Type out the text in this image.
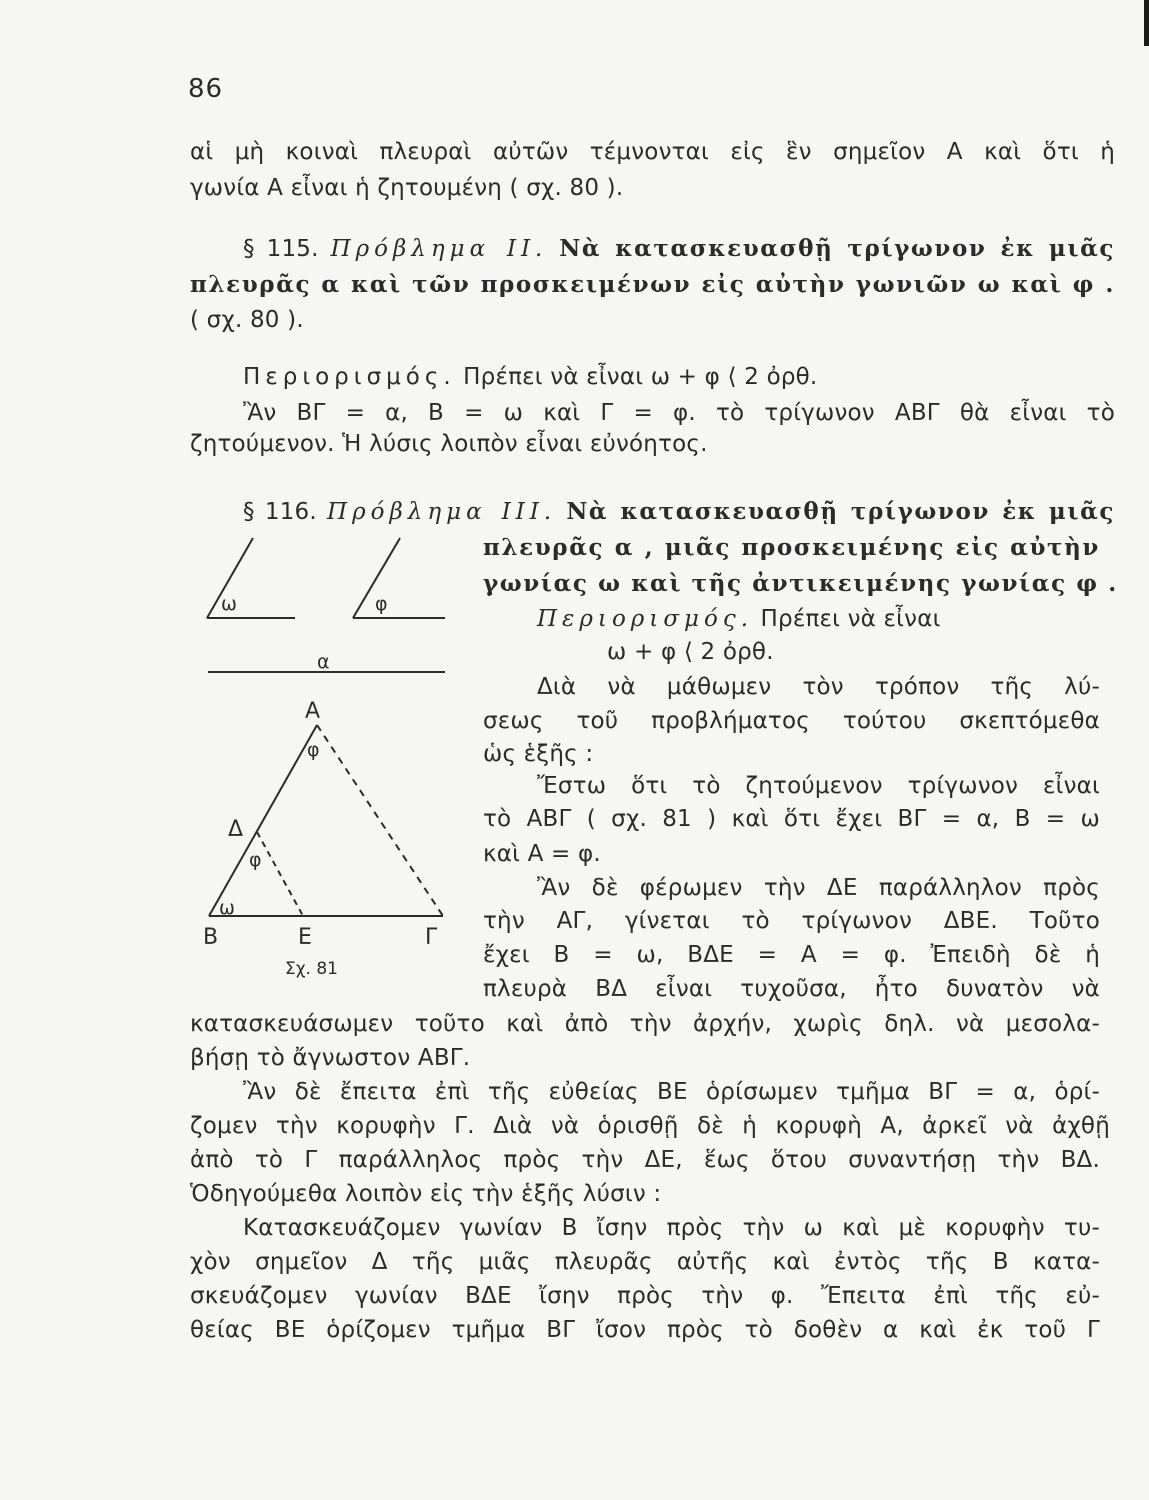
86
αἱ μὴ κοιναὶ πλευραὶ αὐτῶν τέμνονται εἰς ἓν σημεῖον Α καὶ ὅτι ἡ
γωνία Α εἶναι ἡ ζητουμένη ( σχ. 80 ).
§ 115. Πρόβλημα ΙΙ. Νὰ κατασκευασθῇ τρίγωνον ἐκ μιᾶς
πλευρᾶς α καὶ τῶν προσκειμένων εἰς αὐτὴν γωνιῶν ω καὶ φ .
( σχ. 80 ).
Περιορισμός. Πρέπει νὰ εἶναι ω + φ ⟨ 2 ὀρθ.
Ἂν ΒΓ = α, Β = ω καὶ Γ = φ. τὸ τρίγωνον ΑΒΓ θὰ εἶναι τὸ
ζητούμενον. Ἡ λύσις λοιπὸν εἶναι εὐνόητος.
§ 116. Πρόβλημα ΙΙΙ. Νὰ κατασκευασθῇ τρίγωνον ἐκ μιᾶς
πλευρᾶς α , μιᾶς προσκειμένης εἰς αὐτὴν
γωνίας ω καὶ τῆς ἀντικειμένης γωνίας φ .
Περιορισμός. Πρέπει νὰ εἶναι
ω + φ ⟨ 2 ὀρθ.
Διὰ νὰ μάθωμεν τὸν τρόπον τῆς λύ-
σεως τοῦ προβλήματος τούτου σκεπτόμεθα
ὡς ἑξῆς :
Ἔστω ὅτι τὸ ζητούμενον τρίγωνον εἶναι
τὸ ΑΒΓ ( σχ. 81 ) καὶ ὅτι ἔχει ΒΓ = α, Β = ω
καὶ Α = φ.
Ἂν δὲ φέρωμεν τὴν ΔΕ παράλληλον πρὸς
τὴν ΑΓ, γίνεται τὸ τρίγωνον ΔΒΕ. Τοῦτο
ἔχει Β = ω, ΒΔΕ = Α = φ. Ἐπειδὴ δὲ ἡ
πλευρὰ ΒΔ εἶναι τυχοῦσα, ἦτο δυνατὸν νὰ
κατασκευάσωμεν τοῦτο καὶ ἀπὸ τὴν ἀρχήν, χωρὶς δηλ. νὰ μεσολα-
βήσῃ τὸ ἄγνωστον ΑΒΓ.
Ἂν δὲ ἔπειτα ἐπὶ τῆς εὐθείας ΒΕ ὁρίσωμεν τμῆμα ΒΓ = α, ὁρί-
ζομεν τὴν κορυφὴν Γ. Διὰ νὰ ὁρισθῇ δὲ ἡ κορυφὴ Α, ἀρκεῖ νὰ ἀχθῇ
ἀπὸ τὸ Γ παράλληλος πρὸς τὴν ΔΕ, ἕως ὅτου συναντήσῃ τὴν ΒΔ.
Ὁδηγούμεθα λοιπὸν εἰς τὴν ἑξῆς λύσιν :
Κατασκευάζομεν γωνίαν Β ἴσην πρὸς τὴν ω καὶ μὲ κορυφὴν τυ-
χὸν σημεῖον Δ τῆς μιᾶς πλευρᾶς αὐτῆς καὶ ἐντὸς τῆς Β κατα-
σκευάζομεν γωνίαν ΒΔΕ ἴσην πρὸς τὴν φ. Ἔπειτα ἐπὶ τῆς εὐ-
θείας ΒΕ ὁρίζομεν τμῆμα ΒΓ ἴσον πρὸς τὸ δοθὲν α καὶ ἐκ τοῦ Γ
ω	φ
α
Α
φ
Δ
φ
ω
Β	Ε	Γ
Σχ. 81
